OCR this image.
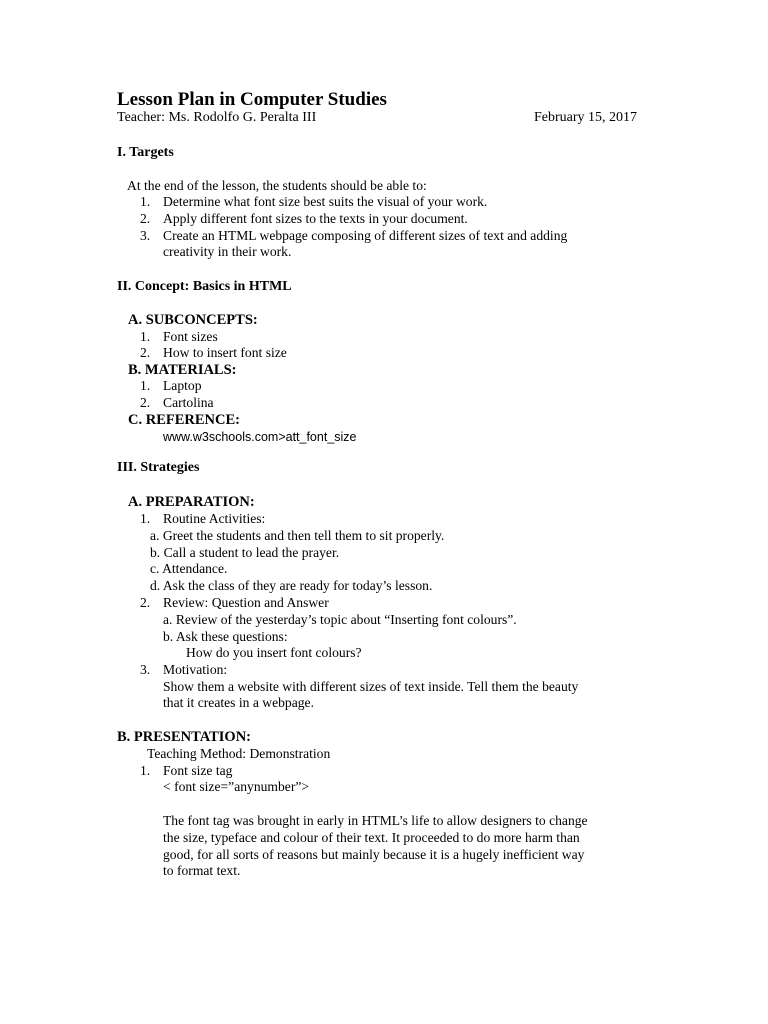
Lesson Plan in Computer Studies
Teacher: Ms. Rodolfo G. Peralta III	February 15, 2017
I. Targets
At the end of the lesson, the students should be able to:
1. Determine what font size best suits the visual of your work.
2. Apply different font sizes to the texts in your document.
3. Create an HTML webpage composing of different sizes of text and adding
creativity in their work.
II. Concept: Basics in HTML
A. SUBCONCEPTS:
1. Font sizes
2. How to insert font size
B. MATERIALS:
1. Laptop
2. Cartolina
C. REFERENCE:
www.w3schools.com>att_font_size
III. Strategies
A. PREPARATION:
1. Routine Activities:
a. Greet the students and then tell them to sit properly.
b. Call a student to lead the prayer.
c. Attendance.
d. Ask the class of they are ready for today’s lesson.
2. Review: Question and Answer
a. Review of the yesterday’s topic about “Inserting font colours”.
b. Ask these questions:
How do you insert font colours?
3. Motivation:
Show them a website with different sizes of text inside. Tell them the beauty
that it creates in a webpage.
B. PRESENTATION:
Teaching Method: Demonstration
1. Font size tag
< font size=”anynumber”>
The font tag was brought in early in HTML’s life to allow designers to change
the size, typeface and colour of their text. It proceeded to do more harm than
good, for all sorts of reasons but mainly because it is a hugely inefficient way
to format text.
